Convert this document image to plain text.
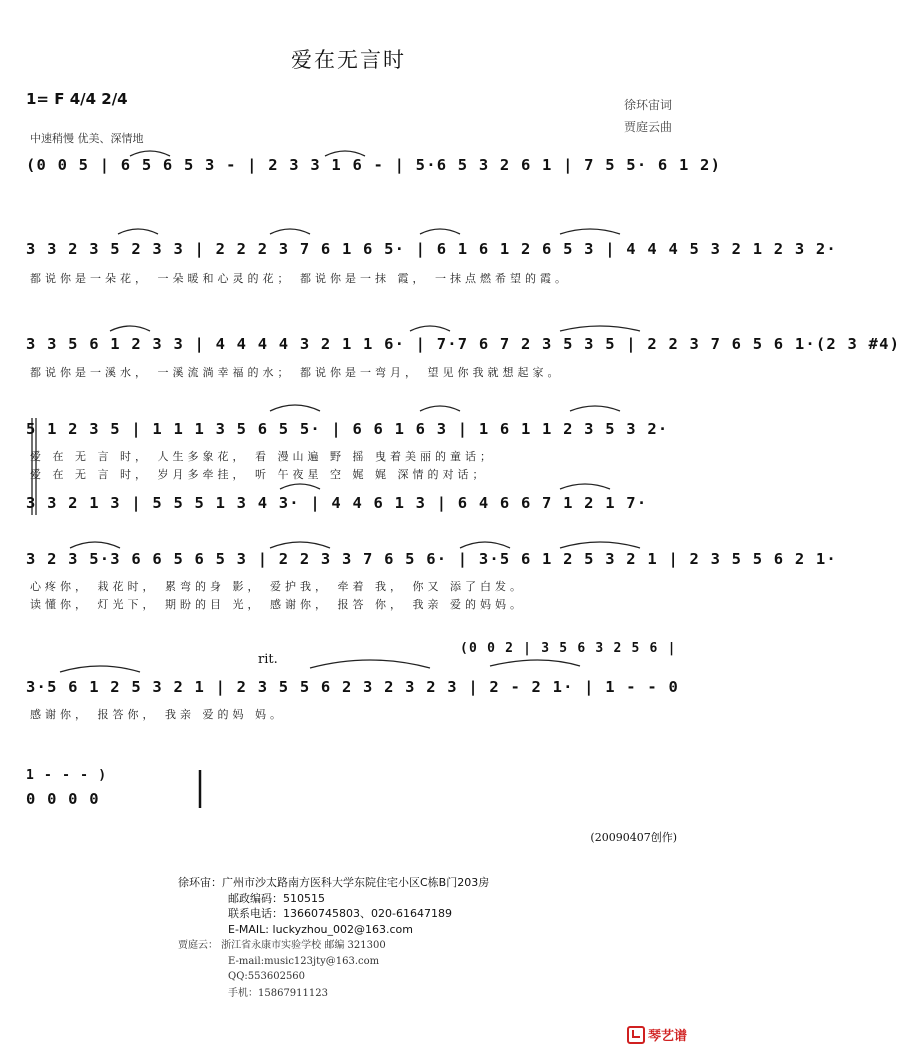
爱在无言时
1= F 4/4 2/4	徐环宙词
贾庭云曲
中速稍慢 优美、深情地
(0 0 5 | 6 5 6 5 3 - | 2 3 3 1 6 - | 5·6 5 3 2 6 1 | 7 5 5· 6 1 2)
3 3 2 3 5 2 3 3 | 2 2 2 3 7 6 1 6 5· | 6 1 6 1 2 6 5 3 | 4 4 4 5 3 2 1 2 3 2·
都说你是一朵花， 一朵暖和心灵的花； 都说你是一抹 霞， 一抹点燃希望的霞。
3 3 5 6 1 2 3 3 | 4 4 4 4 3 2 1 1 6· | 7·7 6 7 2 3 5 3 5 | 2 2 3 7 6 5 6 1·(2 3 #4)
都说你是一溪水， 一溪流淌幸福的水； 都说你是一弯月， 望见你我就想起家。
5 1 2 3 5 | 1 1 1 3 5 6 5 5· | 6 6 1 6 3 | 1 6 1 1 2 3 5 3 2·
爱 在 无 言 时， 人生多象花， 看 漫山遍 野 摇 曳着美丽的童话；
爱 在 无 言 时， 岁月多牵挂， 听 午夜星 空 娓 娓 深情的对话；
3 3 2 1 3 | 5 5 5 1 3 4 3· | 4 4 6 1 3 | 6 4 6 6 7 1 2 1 7·
3 2 3 5·3 6 6 5 6 5 3 | 2 2 3 3 7 6 5 6· | 3·5 6 1 2 5 3 2 1 | 2 3 5 5 6 2 1·
心疼你， 栽花时， 累弯的身 影， 爱护我， 牵着 我， 你又 添了白发。
读懂你， 灯光下， 期盼的目 光， 感谢你， 报答 你， 我亲 爱的妈妈。
rit.
(0 0 2 | 3 5 6 3 2 5 6 |
3·5 6 1 2 5 3 2 1 | 2 3 5 5 6 2 3 2 3 2 3 | 2 - 2 1· | 1 - - 0
感谢你， 报答你， 我亲 爱的妈 妈。
1 - - - )
0 0 0 0
(20090407创作)
徐环宙：广州市沙太路南方医科大学东院住宅小区C栋B门203房
邮政编码：510515
联系电话：13660745803、020-61647189
E-MAIL: luckyzhou_002@163.com
贾庭云： 浙江省永康市实验学校 邮编 321300
E-mail:music123jty@163.com
QQ:553602560
手机：15867911123
琴艺谱
